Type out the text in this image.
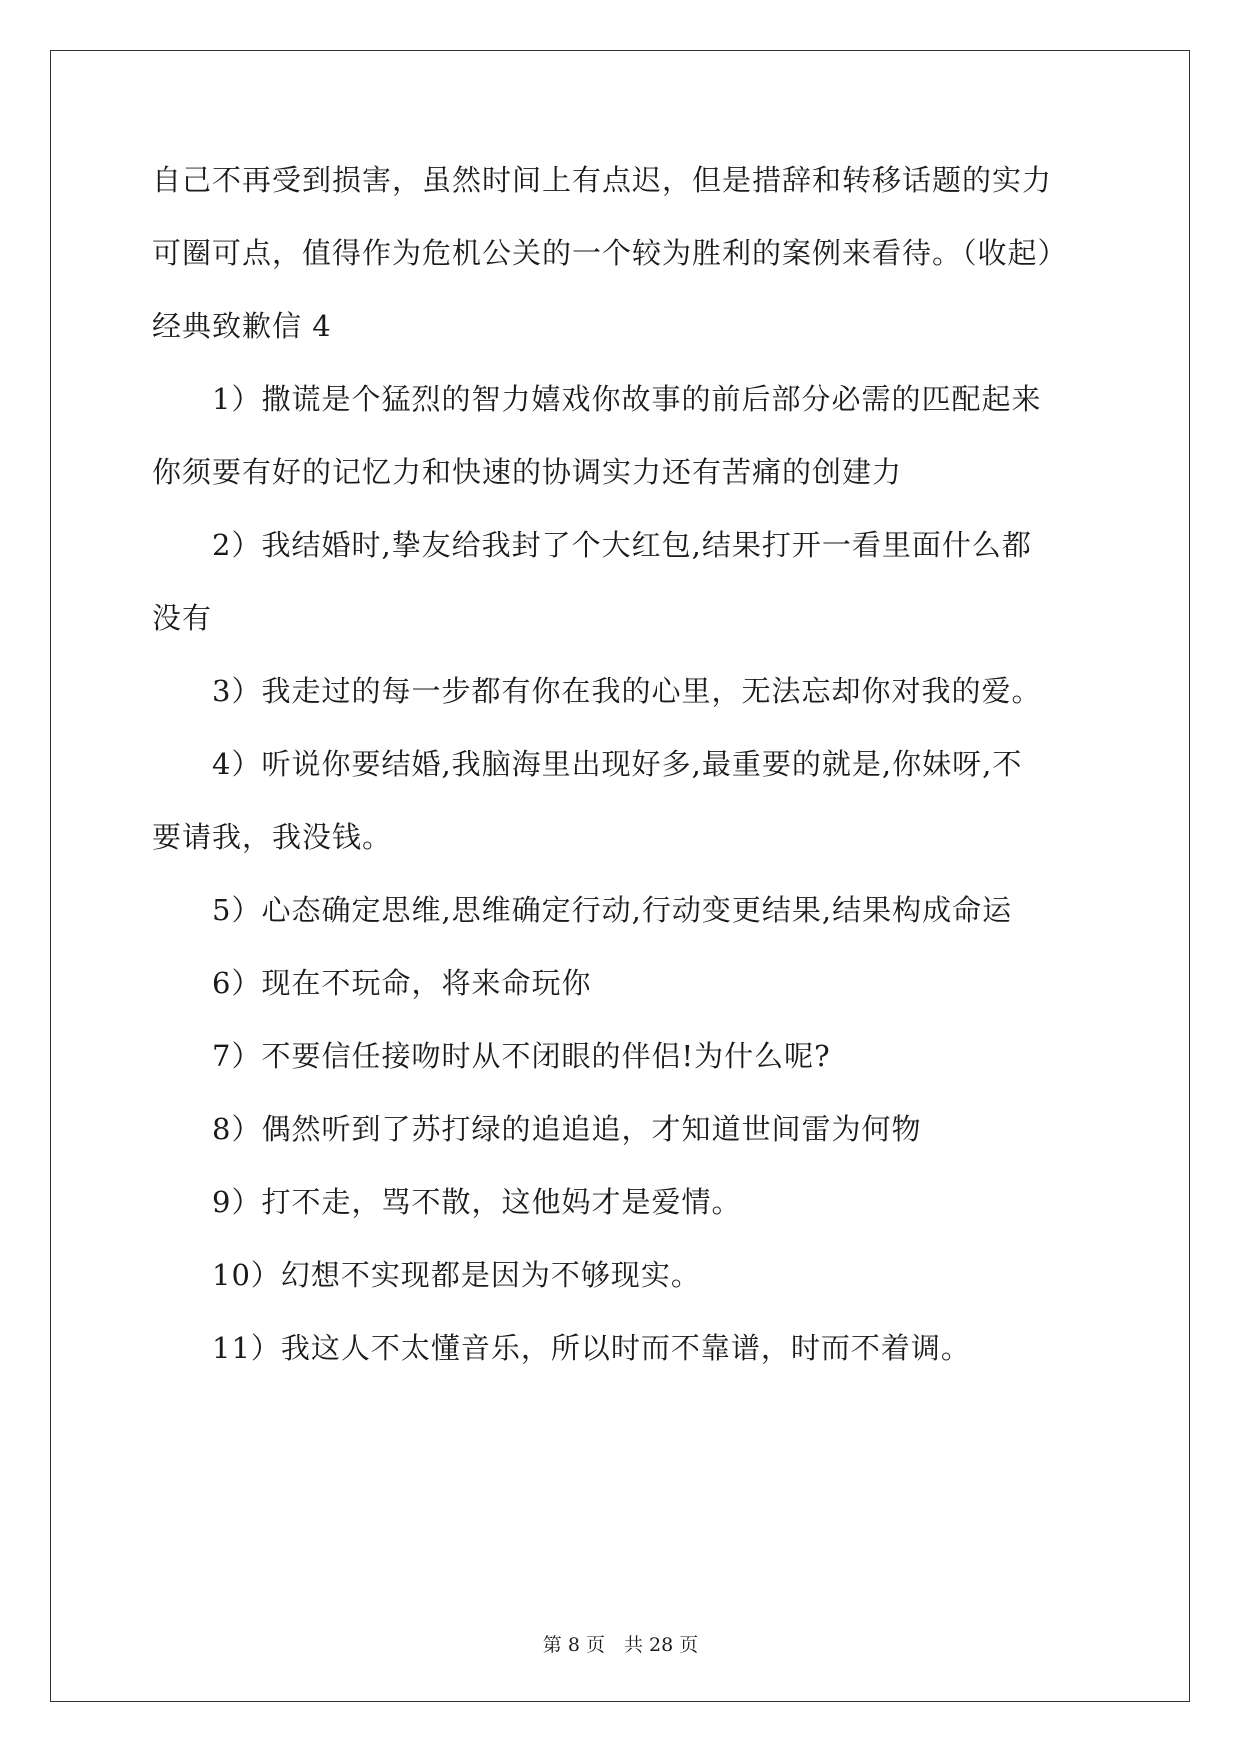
自己不再受到损害，虽然时间上有点迟，但是措辞和转移话题的实力
可圈可点，值得作为危机公关的一个较为胜利的案例来看待。（收起）
经典致歉信 4
1）撒谎是个猛烈的智力嬉戏你故事的前后部分必需的匹配起来
你须要有好的记忆力和快速的协调实力还有苦痛的创建力
2）我结婚时,挚友给我封了个大红包,结果打开一看里面什么都
没有
3）我走过的每一步都有你在我的心里，无法忘却你对我的爱。
4）听说你要结婚,我脑海里出现好多,最重要的就是,你妹呀,不
要请我，我没钱。
5）心态确定思维,思维确定行动,行动变更结果,结果构成命运
6）现在不玩命，将来命玩你
7）不要信任接吻时从不闭眼的伴侣!为什么呢?
8）偶然听到了苏打绿的追追追，才知道世间雷为何物
9）打不走，骂不散，这他妈才是爱情。
10）幻想不实现都是因为不够现实。
11）我这人不太懂音乐，所以时而不靠谱，时而不着调。
第 8 页　共 28 页
